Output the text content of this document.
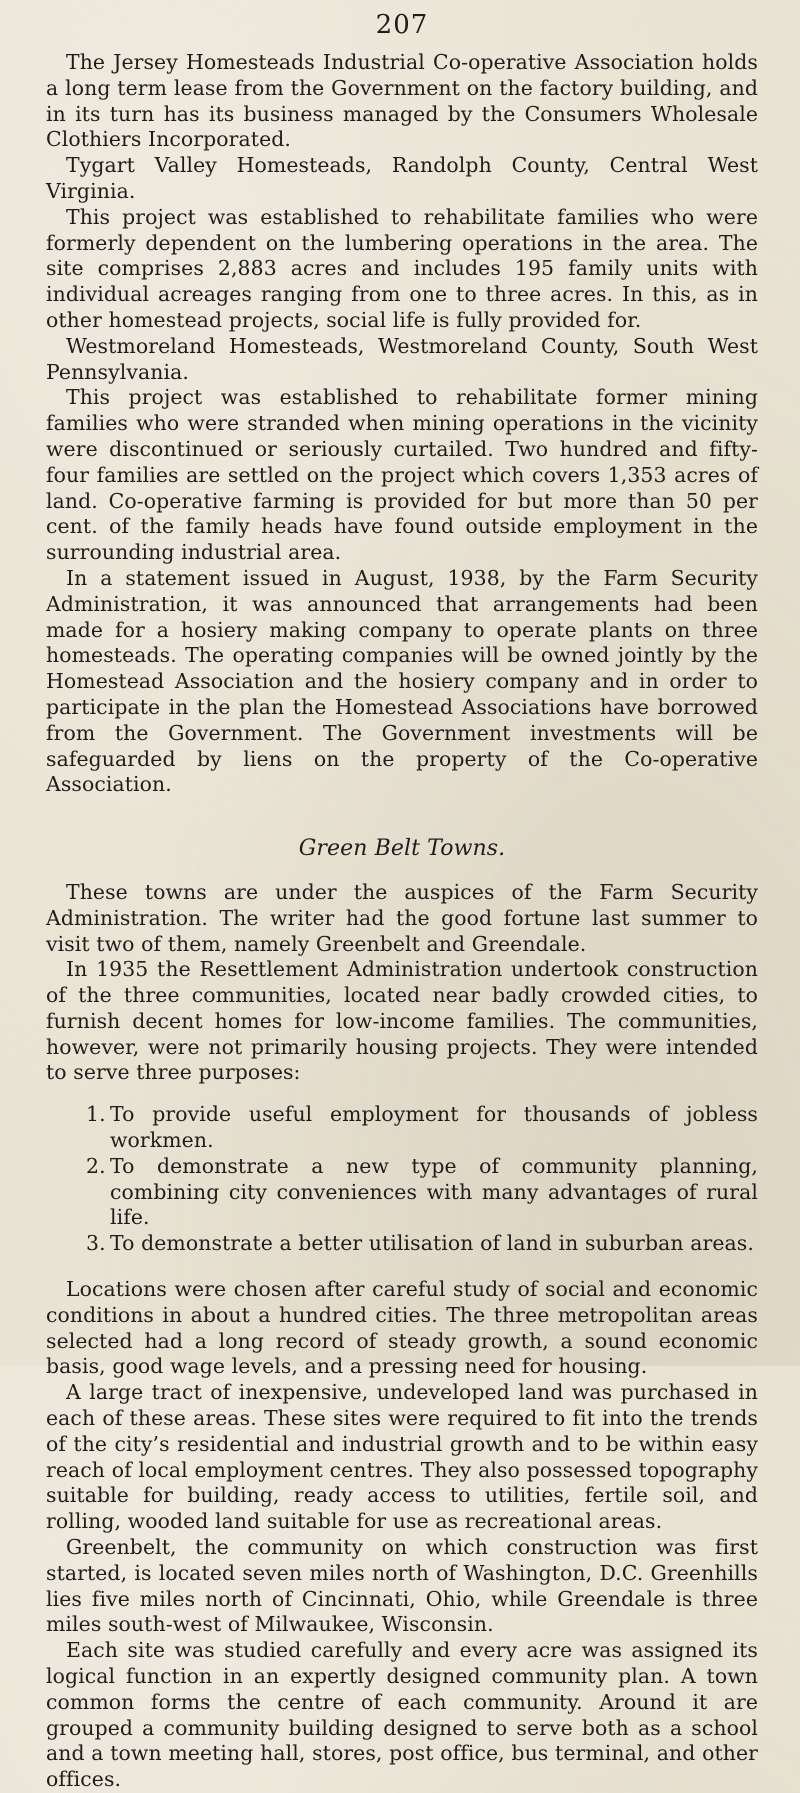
207

The Jersey Homesteads Industrial Co-operative Association holds a long term lease from the Government on the factory building, and in its turn has its business managed by the Consumers Wholesale Clothiers Incorporated.

Tygart Valley Homesteads, Randolph County, Central West Virginia.

This project was established to rehabilitate families who were formerly dependent on the lumbering operations in the area. The site comprises 2,883 acres and includes 195 family units with individual acreages ranging from one to three acres. In this, as in other homestead projects, social life is fully provided for.

Westmoreland Homesteads, Westmoreland County, South West Pennsylvania.

This project was established to rehabilitate former mining families who were stranded when mining operations in the vicinity were discontinued or seriously curtailed. Two hundred and fifty-four families are settled on the project which covers 1,353 acres of land. Co-operative farming is provided for but more than 50 per cent. of the family heads have found outside employment in the surrounding industrial area.

In a statement issued in August, 1938, by the Farm Security Administration, it was announced that arrangements had been made for a hosiery making company to operate plants on three homesteads. The operating companies will be owned jointly by the Homestead Association and the hosiery company and in order to participate in the plan the Homestead Associations have borrowed from the Government. The Government investments will be safeguarded by liens on the property of the Co-operative Association.

Green Belt Towns.

These towns are under the auspices of the Farm Security Administration. The writer had the good fortune last summer to visit two of them, namely Greenbelt and Greendale.

In 1935 the Resettlement Administration undertook construction of the three communities, located near badly crowded cities, to furnish decent homes for low-income families. The communities, however, were not primarily housing projects. They were intended to serve three purposes:

1. To provide useful employment for thousands of jobless workmen.
2. To demonstrate a new type of community planning, combining city conveniences with many advantages of rural life.
3. To demonstrate a better utilisation of land in suburban areas.

Locations were chosen after careful study of social and economic conditions in about a hundred cities. The three metropolitan areas selected had a long record of steady growth, a sound economic basis, good wage levels, and a pressing need for housing.

A large tract of inexpensive, undeveloped land was purchased in each of these areas. These sites were required to fit into the trends of the city’s residential and industrial growth and to be within easy reach of local employment centres. They also possessed topography suitable for building, ready access to utilities, fertile soil, and rolling, wooded land suitable for use as recreational areas.

Greenbelt, the community on which construction was first started, is located seven miles north of Washington, D.C. Greenhills lies five miles north of Cincinnati, Ohio, while Greendale is three miles south-west of Milwaukee, Wisconsin.

Each site was studied carefully and every acre was assigned its logical function in an expertly designed community plan. A town common forms the centre of each community. Around it are grouped a community building designed to serve both as a school and a town meeting hall, stores, post office, bus terminal, and other offices.
